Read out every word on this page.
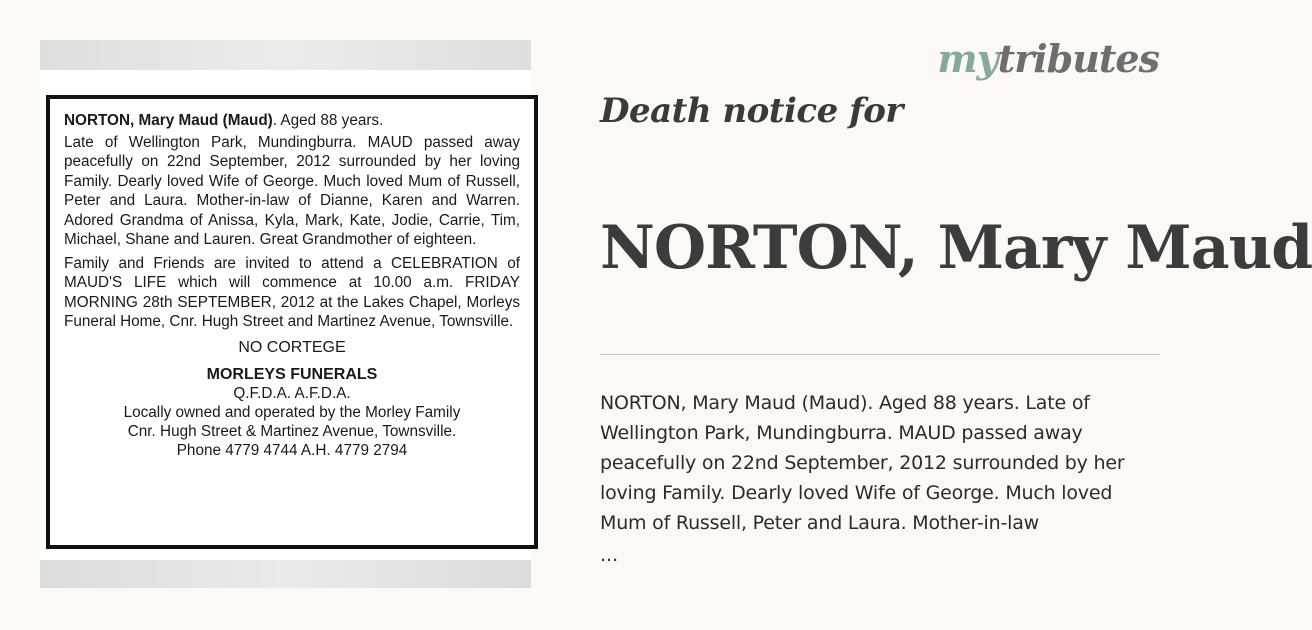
NORTON, Mary Maud (Maud). Aged 88 years.

Late of Wellington Park, Mundingburra. MAUD passed away peacefully on 22nd September, 2012 surrounded by her loving Family. Dearly loved Wife of George. Much loved Mum of Russell, Peter and Laura. Mother-in-law of Dianne, Karen and Warren. Adored Grandma of Anissa, Kyla, Mark, Kate, Jodie, Carrie, Tim, Michael, Shane and Lauren. Great Grandmother of eighteen.

Family and Friends are invited to attend a CELEBRATION of MAUD'S LIFE which will commence at 10.00 a.m. FRIDAY MORNING 28th SEPTEMBER, 2012 at the Lakes Chapel, Morleys Funeral Home, Cnr. Hugh Street and Martinez Avenue, Townsville.

NO CORTEGE
MORLEYS FUNERALS
Q.F.D.A. A.F.D.A.
Locally owned and operated by the Morley Family
Cnr. Hugh Street & Martinez Avenue, Townsville.
Phone 4779 4744 A.H. 4779 2794
mytributes
Death notice for
NORTON, Mary Maud

NORTON, Mary Maud (Maud). Aged 88 years. Late of Wellington Park, Mundingburra. MAUD passed away peacefully on 22nd September, 2012 surrounded by her loving Family. Dearly loved Wife of George. Much loved Mum of Russell, Peter and Laura. Mother-in-law

...
